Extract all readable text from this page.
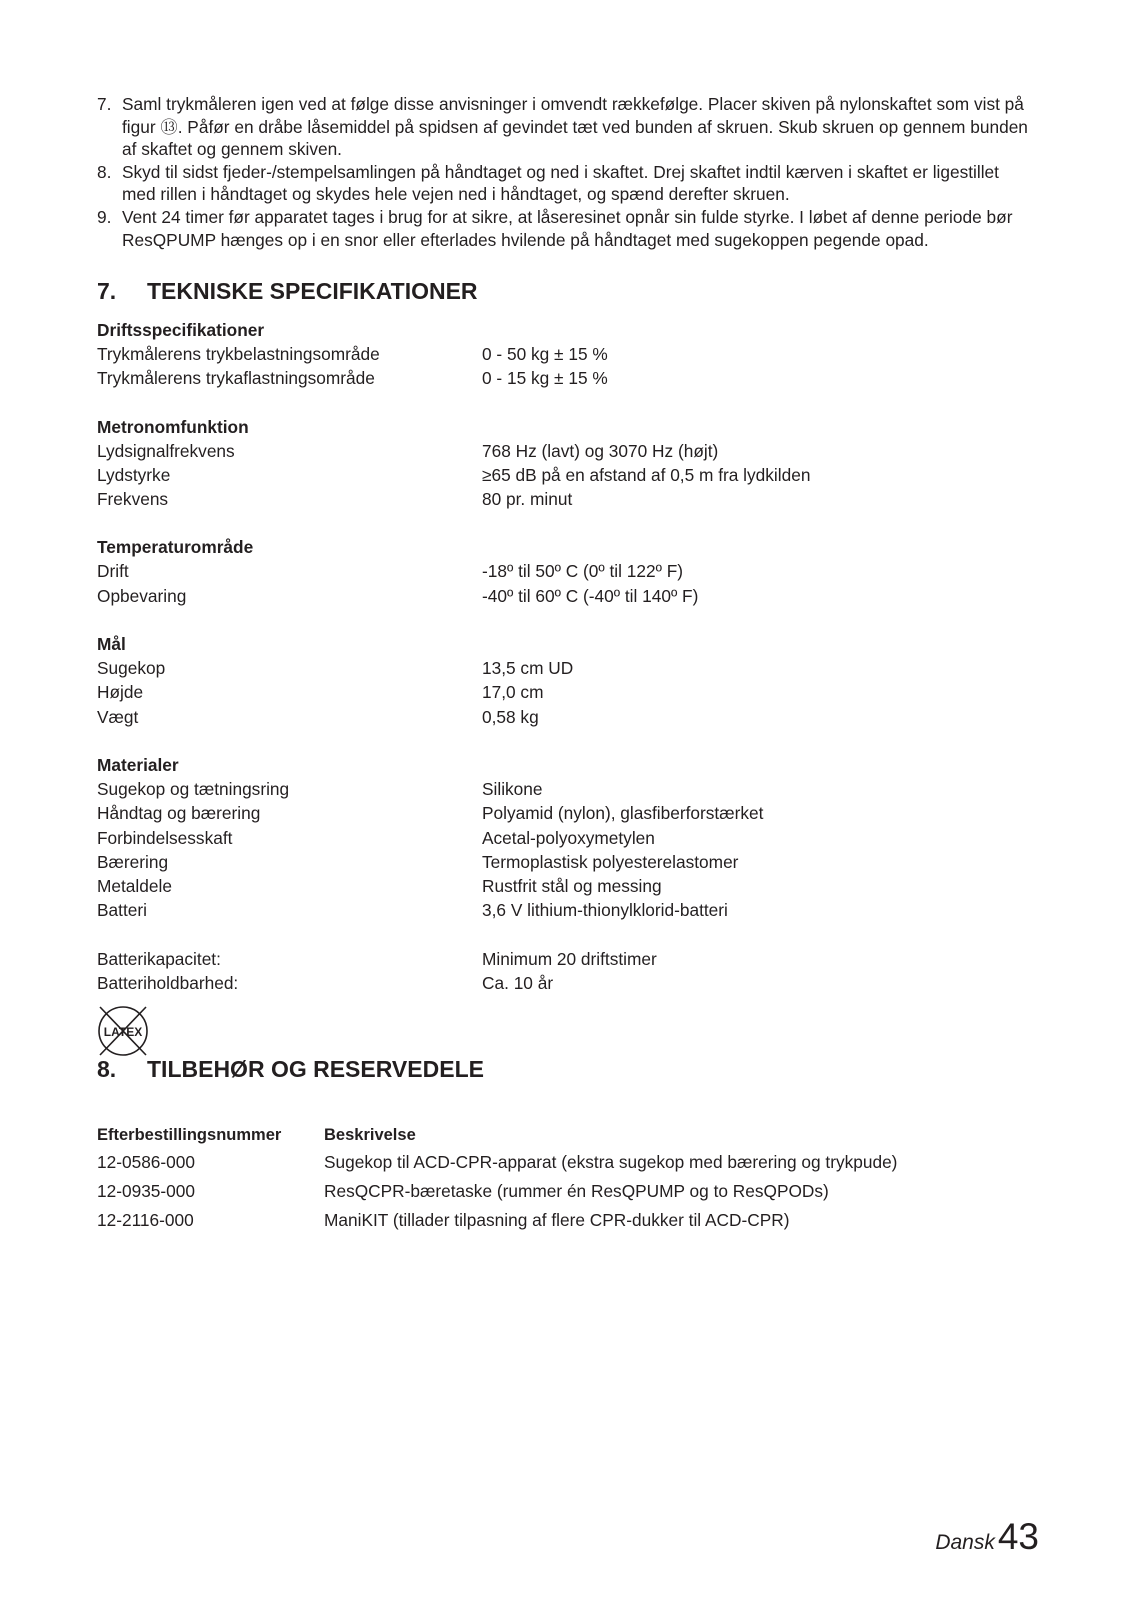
7. Saml trykmåleren igen ved at følge disse anvisninger i omvendt rækkefølge. Placer skiven på nylonskaftet som vist på figur ⑬. Påfør en dråbe låsemiddel på spidsen af gevindet tæt ved bunden af skruen. Skub skruen op gennem bunden af skaftet og gennem skiven.
8. Skyd til sidst fjeder-/stempelsamlingen på håndtaget og ned i skaftet. Drej skaftet indtil kærven i skaftet er ligestillet med rillen i håndtaget og skydes hele vejen ned i håndtaget, og spænd derefter skruen.
9. Vent 24 timer før apparatet tages i brug for at sikre, at låseresinet opnår sin fulde styrke. I løbet af denne periode bør ResQPUMP hænges op i en snor eller efterlades hvilende på håndtaget med sugekoppen pegende opad.
7. TEKNISKE SPECIFIKATIONER
Driftsspecifikationer
Trykmålerens trykbelastningsområde	0 - 50 kg ± 15 %
Trykmålerens trykaflastningsområde	0 - 15 kg ± 15 %
Metronomfunktion
Lydsignalfrekvens	768 Hz (lavt) og 3070 Hz (højt)
Lydstyrke	≥65 dB på en afstand af 0,5 m fra lydkilden
Frekvens	80 pr. minut
Temperaturområde
Drift	-18º til 50º C (0º til 122º F)
Opbevaring	-40º til 60º C (-40º til 140º F)
Mål
Sugekop	13,5 cm UD
Højde	17,0 cm
Vægt	0,58 kg
Materialer
Sugekop og tætningsring	Silikone
Håndtag og bærering	Polyamid (nylon), glasfiberforstærket
Forbindelsesskaft	Acetal-polyoxymetylen
Bærering	Termoplastisk polyesterelastomer
Metaldele	Rustfrit stål og messing
Batteri	3,6 V lithium-thionylklorid-batteri
Batterikapacitet:	Minimum 20 driftstimer
Batteriholdbarhed:	Ca. 10 år
LATEX
8. TILBEHØR OG RESERVEDELE
Efterbestillingsnummer	Beskrivelse
12-0586-000	Sugekop til ACD-CPR-apparat (ekstra sugekop med bærering og trykpude)
12-0935-000	ResQCPR-bæretaske (rummer én ResQPUMP og to ResQPODs)
12-2116-000	ManiKIT (tillader tilpasning af flere CPR-dukker til ACD-CPR)
Dansk 43
